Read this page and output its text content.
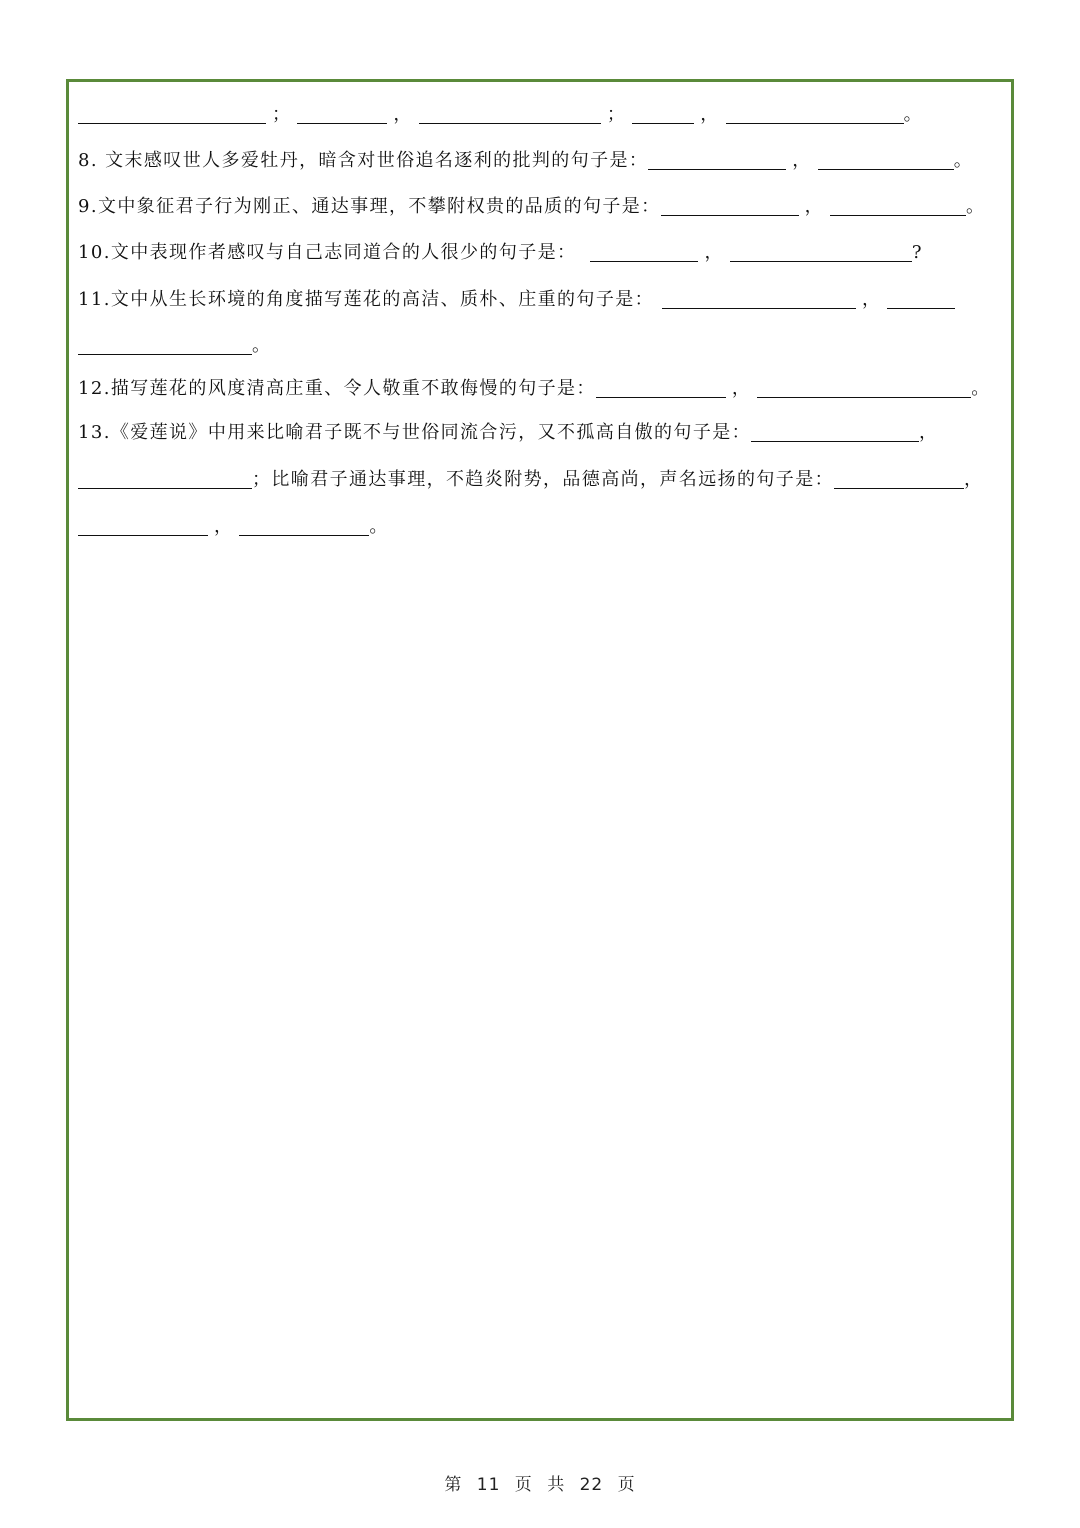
；	，	；	，	。
8. 文末感叹世人多爱牡丹，暗含对世俗追名逐利的批判的句子是：	，	。
9.文中象征君子行为刚正、通达事理，不攀附权贵的品质的句子是：	，	。
10.文中表现作者感叹与自己志同道合的人很少的句子是：	，	?
11.文中从生长环境的角度描写莲花的高洁、质朴、庄重的句子是：	，
。
12.描写莲花的风度清高庄重、令人敬重不敢侮慢的句子是：	，	。
13.《爱莲说》中用来比喻君子既不与世俗同流合污，又不孤高自傲的句子是：	，
；比喻君子通达事理，不趋炎附势，品德高尚，声名远扬的句子是：	，
，	。
第 11 页 共 22 页
